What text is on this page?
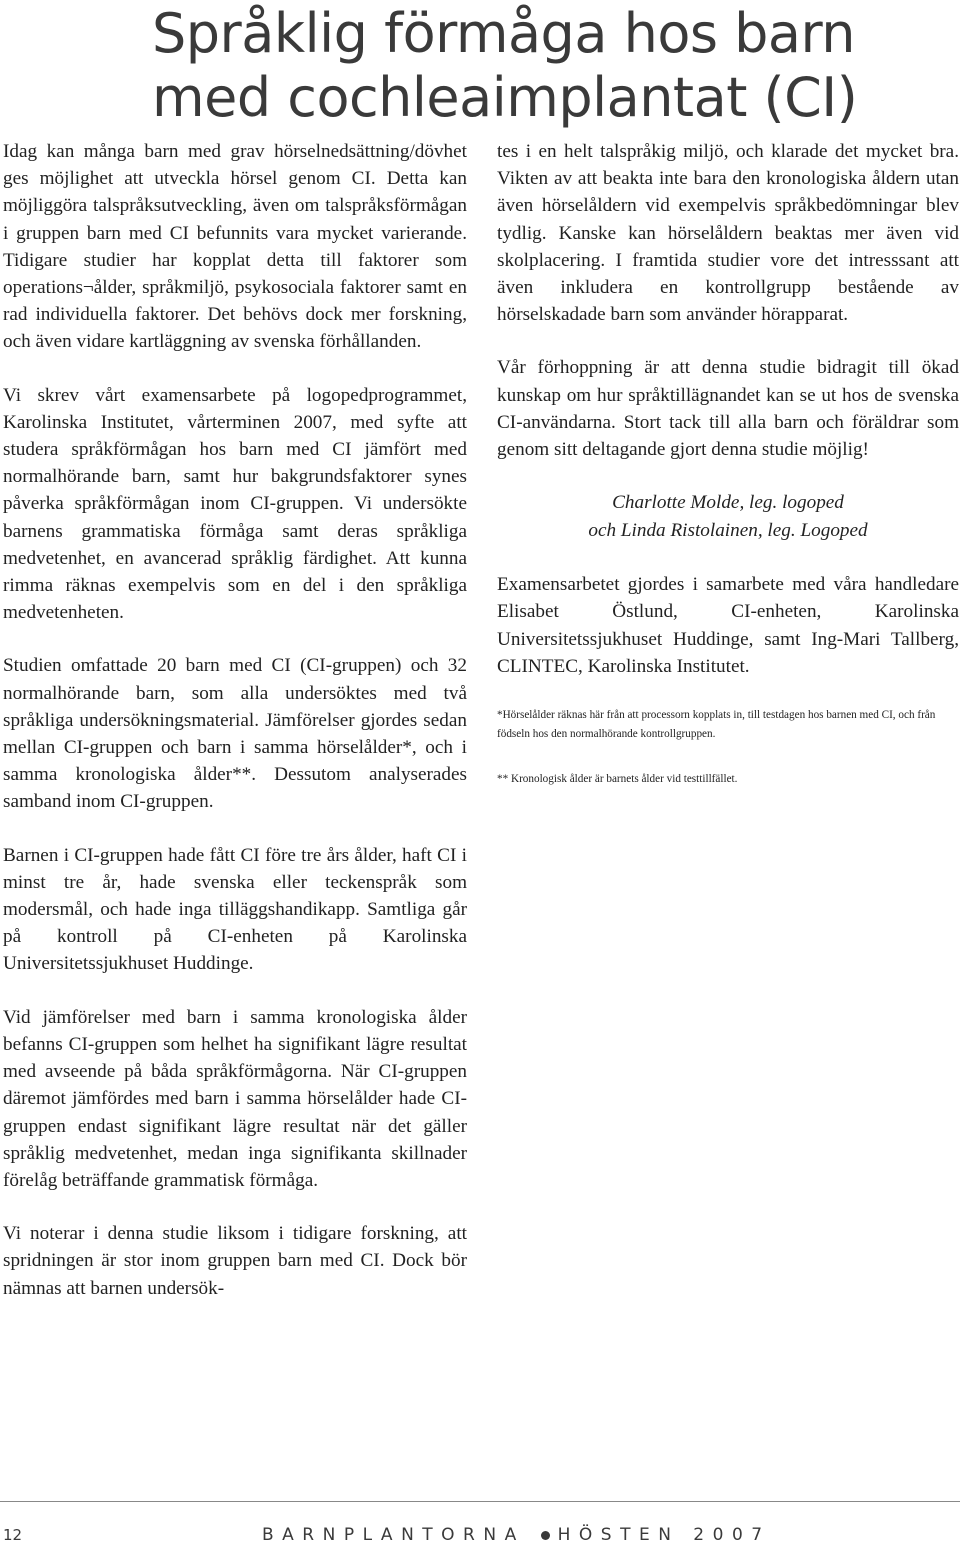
Språklig förmåga hos barn
med cochleaimplantat (CI)

Idag kan många barn med grav hörselnedsättning/dövhet ges möjlighet att utveckla hörsel genom CI. Detta kan möjliggöra talspråksutveckling, även om talspråksförmågan i gruppen barn med CI befunnits vara mycket varierande. Tidigare studier har kopplat detta till faktorer som operations¬ålder, språkmiljö, psykosociala faktorer samt en rad individuella faktorer. Det behövs dock mer forskning, och även vidare kartläggning av svenska förhållanden.

Vi skrev vårt examensarbete på logopedprogrammet, Karolinska Institutet, vårterminen 2007, med syfte att studera språkförmågan hos barn med CI jämfört med normalhörande barn, samt hur bakgrundsfaktorer synes påverka språkförmågan inom CI-gruppen. Vi undersökte barnens grammatiska förmåga samt deras språkliga medvetenhet, en avancerad språklig färdighet. Att kunna rimma räknas exempelvis som en del i den språkliga medvetenheten.

Studien omfattade 20 barn med CI (CI-gruppen) och 32 normalhörande barn, som alla undersöktes med två språkliga undersökningsmaterial. Jämförelser gjordes sedan mellan CI-gruppen och barn i samma hörselålder*, och i samma kronologiska ålder**. Dessutom analyserades samband inom CI-gruppen.

Barnen i CI-gruppen hade fått CI före tre års ålder, haft CI i minst tre år, hade svenska eller teckenspråk som modersmål, och hade inga tilläggshandikapp. Samtliga går på kontroll på CI-enheten på Karolinska Universitetssjukhuset Huddinge.

Vid jämförelser med barn i samma kronologiska ålder befanns CI-gruppen som helhet ha signifikant lägre resultat med avseende på båda språkförmågorna. När CI-gruppen däremot jämfördes med barn i samma hörselålder hade CI-gruppen endast signifikant lägre resultat när det gäller språklig medvetenhet, medan inga signifikanta skillnader förelåg beträffande grammatisk förmåga.

Vi noterar i denna studie liksom i tidigare forskning, att spridningen är stor inom gruppen barn med CI. Dock bör nämnas att barnen undersök-

tes i en helt talspråkig miljö, och klarade det mycket bra. Vikten av att beakta inte bara den kronologiska åldern utan även hörselåldern vid exempelvis språkbedömningar blev tydlig. Kanske kan hörselåldern beaktas mer även vid skolplacering. I framtida studier vore det intresssant att även inkludera en kontrollgrupp bestående av hörselskadade barn som använder hörapparat.

Vår förhoppning är att denna studie bidragit till ökad kunskap om hur språktillägnandet kan se ut hos de svenska CI-användarna. Stort tack till alla barn och föräldrar som genom sitt deltagande gjort denna studie möjlig!

Charlotte Molde, leg. logoped
och Linda Ristolainen, leg. Logoped

Examensarbetet gjordes i samarbete med våra handledare Elisabet Östlund, CI-enheten, Karolinska Universitetssjukhuset Huddinge, samt Ing-Mari Tallberg, CLINTEC, Karolinska Institutet.

*Hörselålder räknas här från att processorn kopplats in, till testdagen hos barnen med CI, och från födseln hos den normalhörande kontrollgruppen.

** Kronologisk ålder är barnets ålder vid testtillfället.

12	BARNPLANTORNA HÖSTEN 2007
